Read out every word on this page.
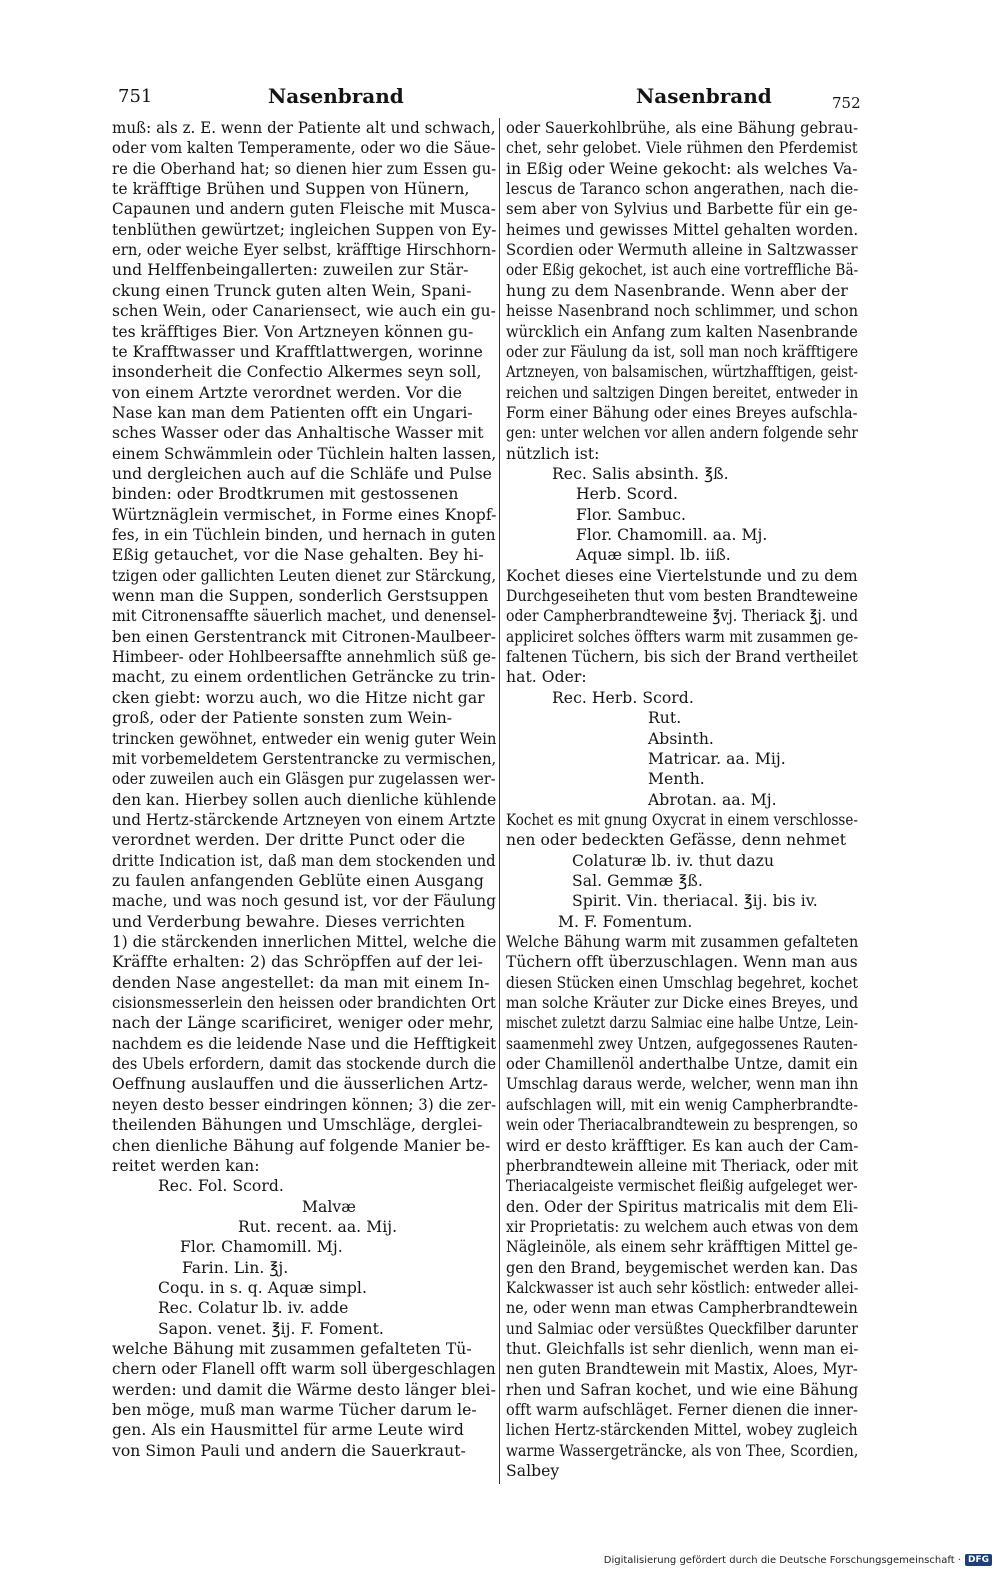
751	Nasenbrand	Nasenbrand	752
muß: als z. E. wenn der Patiente alt und schwach,
oder vom kalten Temperamente, oder wo die Säue-
re die Oberhand hat; so dienen hier zum Essen gu-
te kräfftige Brühen und Suppen von Hünern,
Capaunen und andern guten Fleische mit Musca-
tenblüthen gewürtzet; ingleichen Suppen von Ey-
ern, oder weiche Eyer selbst, kräfftige Hirschhorn-
und Helffenbeingallerten: zuweilen zur Stär-
ckung einen Trunck guten alten Wein, Spani-
schen Wein, oder Canariensect, wie auch ein gu-
tes kräfftiges Bier. Von Artzneyen können gu-
te Krafftwasser und Krafftlattwergen, worinne
insonderheit die Confectio Alkermes seyn soll,
von einem Artzte verordnet werden. Vor die
Nase kan man dem Patienten offt ein Ungari-
sches Wasser oder das Anhaltische Wasser mit
einem Schwämmlein oder Tüchlein halten lassen,
und dergleichen auch auf die Schläfe und Pulse
binden: oder Brodtkrumen mit gestossenen
Würtznäglein vermischet, in Forme eines Knopf-
fes, in ein Tüchlein binden, und hernach in guten
Eßig getauchet, vor die Nase gehalten. Bey hi-
tzigen oder gallichten Leuten dienet zur Stärckung,
wenn man die Suppen, sonderlich Gerstsuppen
mit Citronensaffte säuerlich machet, und denensel-
ben einen Gerstentranck mit Citronen-Maulbeer-
Himbeer- oder Hohlbeersaffte annehmlich süß ge-
macht, zu einem ordentlichen Geträncke zu trin-
cken giebt: worzu auch, wo die Hitze nicht gar
groß, oder der Patiente sonsten zum Wein-
trincken gewöhnet, entweder ein wenig guter Wein
mit vorbemeldetem Gerstentrancke zu vermischen,
oder zuweilen auch ein Gläsgen pur zugelassen wer-
den kan. Hierbey sollen auch dienliche kühlende
und Hertz-stärckende Artzneyen von einem Artzte
verordnet werden. Der dritte Punct oder die
dritte Indication ist, daß man dem stockenden und
zu faulen anfangenden Geblüte einen Ausgang
mache, und was noch gesund ist, vor der Fäulung
und Verderbung bewahre. Dieses verrichten
1) die stärckenden innerlichen Mittel, welche die
Kräffte erhalten: 2) das Schröpffen auf der lei-
denden Nase angestellet: da man mit einem In-
cisionsmesserlein den heissen oder brandichten Ort
nach der Länge scarificiret, weniger oder mehr,
nachdem es die leidende Nase und die Hefftigkeit
des Ubels erfordern, damit das stockende durch die
Oeffnung auslauffen und die äusserlichen Artz-
neyen desto besser eindringen können; 3) die zer-
theilenden Bähungen und Umschläge, derglei-
chen dienliche Bähung auf folgende Manier be-
reitet werden kan:
Rec. Fol. Scord.
Malvæ
Rut. recent. aa. Mij.
Flor. Chamomill. Mj.
Farin. Lin. ℥j.
Coqu. in s. q. Aquæ simpl.
Rec. Colatur lb. iv. adde
Sapon. venet. ℥ij. F. Foment.
welche Bähung mit zusammen gefalteten Tü-
chern oder Flanell offt warm soll übergeschlagen
werden: und damit die Wärme desto länger blei-
ben möge, muß man warme Tücher darum le-
gen. Als ein Hausmittel für arme Leute wird
von Simon Pauli und andern die Sauerkraut-
oder Sauerkohlbrühe, als eine Bähung gebrau-
chet, sehr gelobet. Viele rühmen den Pferdemist
in Eßig oder Weine gekocht: als welches Va-
lescus de Taranco schon angerathen, nach die-
sem aber von Sylvius und Barbette für ein ge-
heimes und gewisses Mittel gehalten worden.
Scordien oder Wermuth alleine in Saltzwasser
oder Eßig gekochet, ist auch eine vortreffliche Bä-
hung zu dem Nasenbrande. Wenn aber der
heisse Nasenbrand noch schlimmer, und schon
würcklich ein Anfang zum kalten Nasenbrande
oder zur Fäulung da ist, soll man noch kräfftigere
Artzneyen, von balsamischen, würtzhafftigen, geist-
reichen und saltzigen Dingen bereitet, entweder in
Form einer Bähung oder eines Breyes aufschla-
gen: unter welchen vor allen andern folgende sehr
nützlich ist:
Rec. Salis absinth. ℥ß.
Herb. Scord.
Flor. Sambuc.
Flor. Chamomill. aa. Mj.
Aquæ simpl. lb. iiß.
Kochet dieses eine Viertelstunde und zu dem
Durchgeseiheten thut vom besten Brandteweine
oder Campherbrandteweine ℥vj. Theriack ℥j. und
appliciret solches öffters warm mit zusammen ge-
faltenen Tüchern, bis sich der Brand vertheilet
hat. Oder:
Rec. Herb. Scord.
Rut.
Absinth.
Matricar. aa. Mij.
Menth.
Abrotan. aa. Mj.
Kochet es mit gnung Oxycrat in einem verschlosse-
nen oder bedeckten Gefässe, denn nehmet
Colaturæ lb. iv. thut dazu
Sal. Gemmæ ℥ß.
Spirit. Vin. theriacal. ℥ij. bis iv.
M. F. Fomentum.
Welche Bähung warm mit zusammen gefalteten
Tüchern offt überzuschlagen. Wenn man aus
diesen Stücken einen Umschlag begehret, kochet
man solche Kräuter zur Dicke eines Breyes, und
mischet zuletzt darzu Salmiac eine halbe Untze, Lein-
saamenmehl zwey Untzen, aufgegossenes Rauten-
oder Chamillenöl anderthalbe Untze, damit ein
Umschlag daraus werde, welcher, wenn man ihn
aufschlagen will, mit ein wenig Campherbrandte-
wein oder Theriacalbrandtewein zu besprengen, so
wird er desto kräfftiger. Es kan auch der Cam-
pherbrandtewein alleine mit Theriack, oder mit
Theriacalgeiste vermischet fleißig aufgeleget wer-
den. Oder der Spiritus matricalis mit dem Eli-
xir Proprietatis: zu welchem auch etwas von dem
Nägleinöle, als einem sehr kräfftigen Mittel ge-
gen den Brand, beygemischet werden kan. Das
Kalckwasser ist auch sehr köstlich: entweder allei-
ne, oder wenn man etwas Campherbrandtewein
und Salmiac oder versüßtes Queckfilber darunter
thut. Gleichfalls ist sehr dienlich, wenn man ei-
nen guten Brandtewein mit Mastix, Aloes, Myr-
rhen und Safran kochet, und wie eine Bähung
offt warm aufschläget. Ferner dienen die inner-
lichen Hertz-stärckenden Mittel, wobey zugleich
warme Wassergeträncke, als von Thee, Scordien,
Salbey
Digitalisierung gefördert durch die Deutsche Forschungsgemeinschaft · DFG
